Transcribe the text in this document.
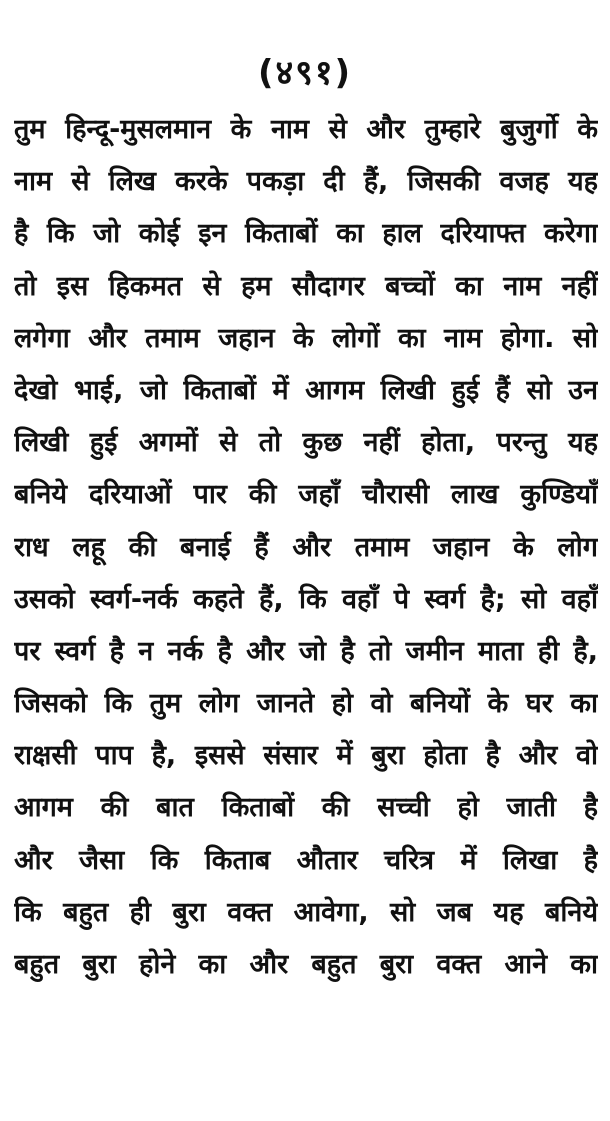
(४९१)
तुम हिन्दू-मुसलमान के नाम से और तुम्हारे बुजुर्गो के
नाम से लिख करके पकड़ा दी हैं, जिसकी वजह यह
है कि जो कोई इन किताबों का हाल दरियाफ्त करेगा
तो इस हिकमत से हम सौदागर बच्चों का नाम नहीं
लगेगा और तमाम जहान के लोगों का नाम होगा. सो
देखो भाई, जो किताबों में आगम लिखी हुई हैं सो उन
लिखी हुई अगमों से तो कुछ नहीं होता, परन्तु यह
बनिये दरियाओं पार की जहाँ चौरासी लाख कुण्डियाँ
राध लहू की बनाई हैं और तमाम जहान के लोग
उसको स्वर्ग-नर्क कहते हैं, कि वहाँ पे स्वर्ग है; सो वहाँ
पर स्वर्ग है न नर्क है और जो है तो जमीन माता ही है,
जिसको कि तुम लोग जानते हो वो बनियों के घर का
राक्षसी पाप है, इससे संसार में बुरा होता है और वो
आगम की बात किताबों की सच्ची हो जाती है
और जैसा कि किताब औतार चरित्र में लिखा है
कि बहुत ही बुरा वक्त आवेगा, सो जब यह बनिये
बहुत बुरा होने का और बहुत बुरा वक्त आने का
